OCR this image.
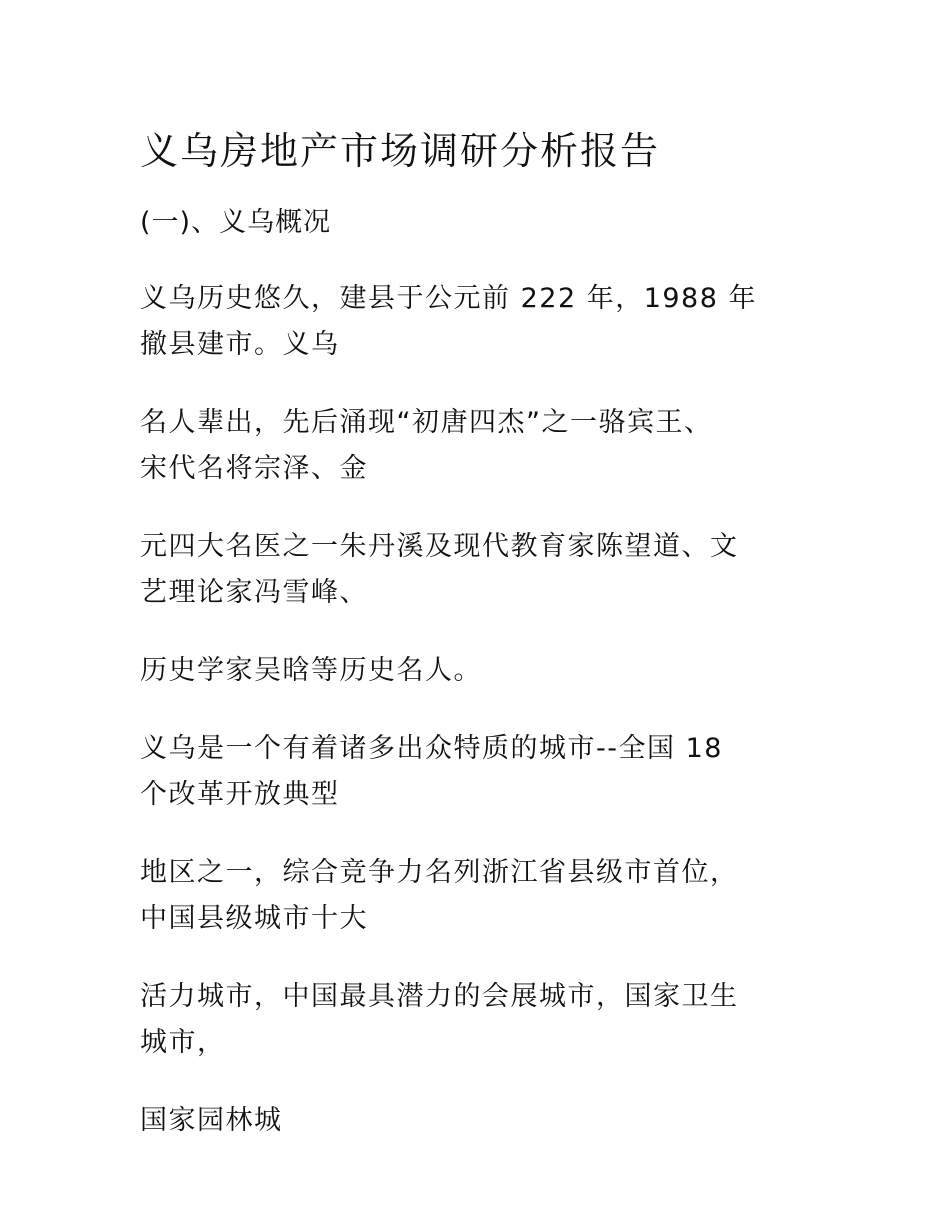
义乌房地产市场调研分析报告
(一)、义乌概况

义乌历史悠久，建县于公元前 222 年，1988 年
撤县建市。义乌

名人辈出，先后涌现“初唐四杰”之一骆宾王、
宋代名将宗泽、金

元四大名医之一朱丹溪及现代教育家陈望道、文
艺理论家冯雪峰、

历史学家吴晗等历史名人。

义乌是一个有着诸多出众特质的城市--全国 18
个改革开放典型

地区之一，综合竞争力名列浙江省县级市首位，
中国县级城市十大

活力城市，中国最具潜力的会展城市，国家卫生
城市，

国家园林城
